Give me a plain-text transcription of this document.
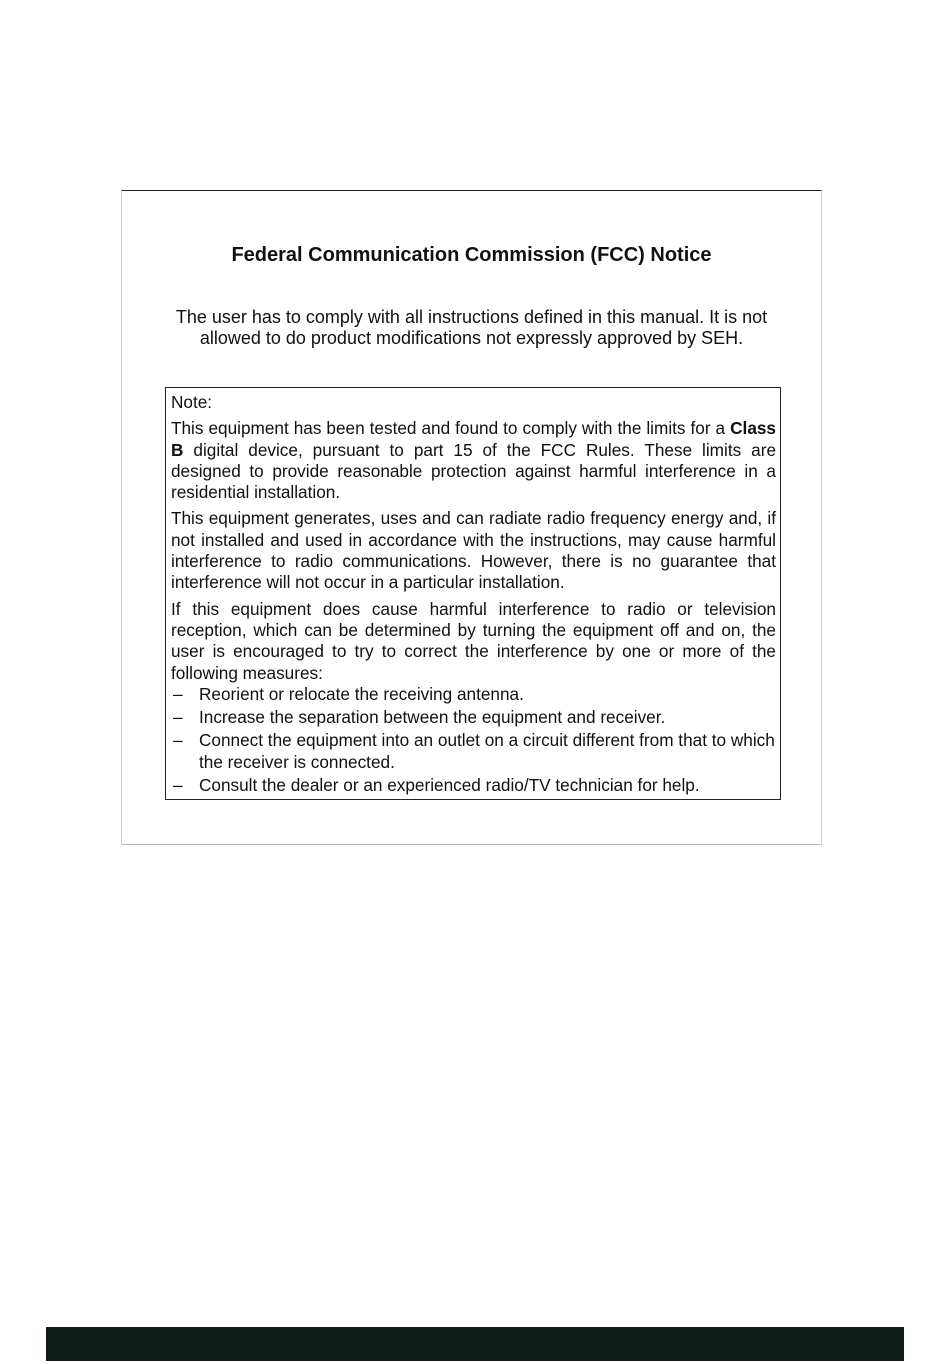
Federal Communication Commission (FCC) Notice
The user has to comply with all instructions defined in this manual. It is not allowed to do product modifications not expressly approved by SEH.
Note:
This equipment has been tested and found to comply with the limits for a Class B digital device, pursuant to part 15 of the FCC Rules. These limits are designed to provide reasonable protection against harmful interference in a residential installation.
This equipment generates, uses and can radiate radio frequency energy and, if not installed and used in accordance with the instructions, may cause harmful interference to radio communications. However, there is no guarantee that interference will not occur in a particular installation.
If this equipment does cause harmful interference to radio or television reception, which can be determined by turning the equipment off and on, the user is encouraged to try to correct the interference by one or more of the following measures:
– Reorient or relocate the receiving antenna.
– Increase the separation between the equipment and receiver.
– Connect the equipment into an outlet on a circuit different from that to which the receiver is connected.
– Consult the dealer or an experienced radio/TV technician for help.
